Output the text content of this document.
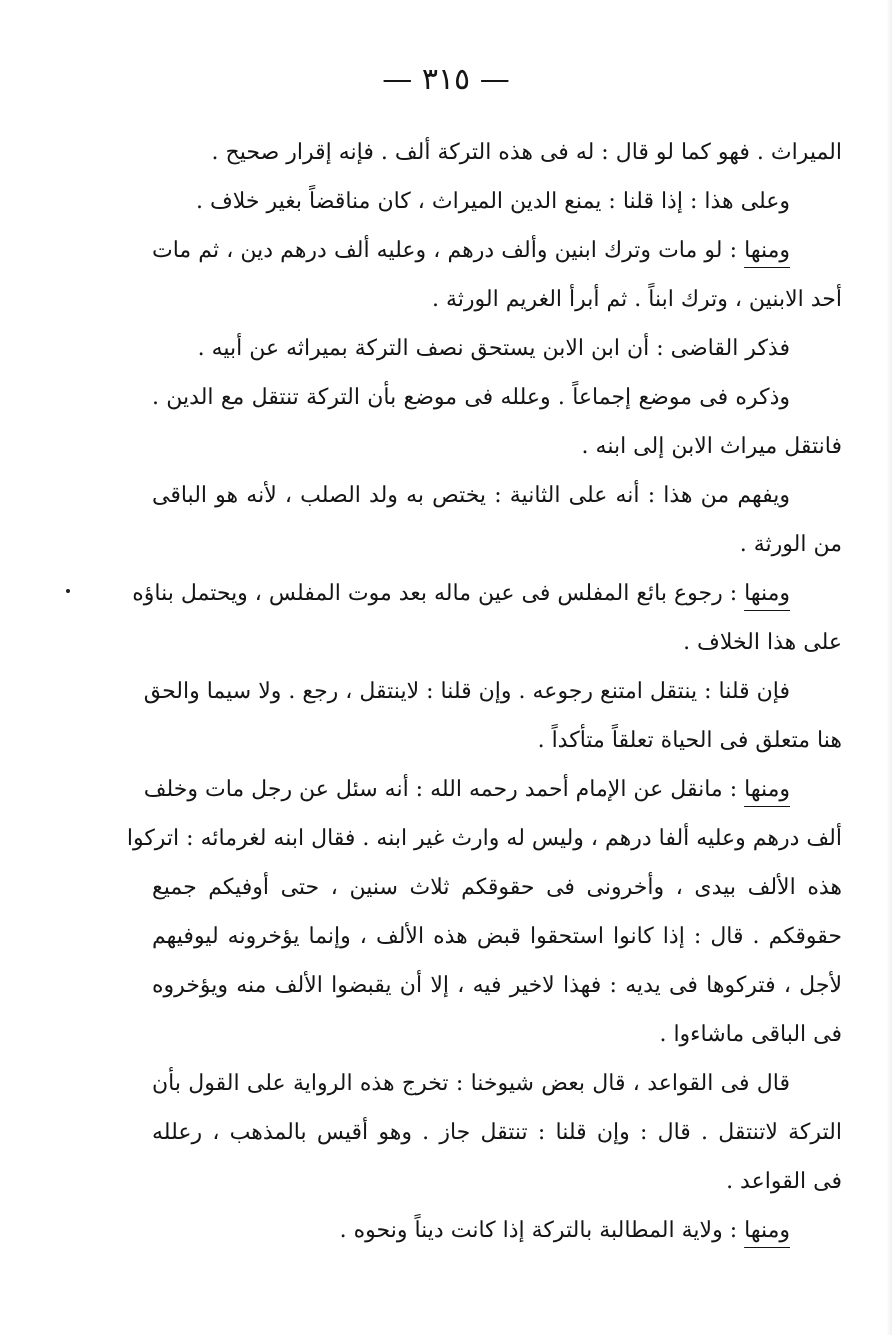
— ٣١٥ —
الميراث . فهو كما لو قال : له فى هذه التركة ألف . فإنه إقرار صحيح .
وعلى هذا : إذا قلنا : يمنع الدين الميراث ، كان مناقضاً بغير خلاف .
ومنها : لو مات وترك ابنين وألف درهم ، وعليه ألف درهم دين ، ثم مات
أحد الابنين ، وترك ابناً . ثم أبرأ الغريم الورثة .
فذكر القاضى : أن ابن الابن يستحق نصف التركة بميراثه عن أبيه .
وذكره فى موضع إجماعاً . وعلله فى موضع بأن التركة تنتقل مع الدين .
فانتقل ميراث الابن إلى ابنه .
ويفهم من هذا : أنه على الثانية : يختص به ولد الصلب ، لأنه هو الباقى
من الورثة .
ومنها : رجوع بائع المفلس فى عين ماله بعد موت المفلس ، ويحتمل بناؤه
على هذا الخلاف .
فإن قلنا : ينتقل امتنع رجوعه . وإن قلنا : لاينتقل ، رجع . ولا سيما والحق
هنا متعلق فى الحياة تعلقاً متأكداً .
ومنها : مانقل عن الإمام أحمد رحمه الله : أنه سئل عن رجل مات وخلف
ألف درهم وعليه ألفا درهم ، وليس له وارث غير ابنه . فقال ابنه لغرمائه : اتركوا
هذه الألف بيدى ، وأخرونى فى حقوقكم ثلاث سنين ، حتى أوفيكم جميع
حقوقكم . قال : إذا كانوا استحقوا قبض هذه الألف ، وإنما يؤخرونه ليوفيهم
لأجل ، فتركوها فى يديه : فهذا لاخير فيه ، إلا أن يقبضوا الألف منه ويؤخروه
فى الباقى ماشاءوا .
قال فى القواعد ، قال بعض شيوخنا : تخرج هذه الرواية على القول بأن
التركة لاتنتقل . قال : وإن قلنا : تنتقل جاز . وهو أقيس بالمذهب ، رعلله
فى القواعد .
ومنها : ولاية المطالبة بالتركة إذا كانت ديناً ونحوه .
